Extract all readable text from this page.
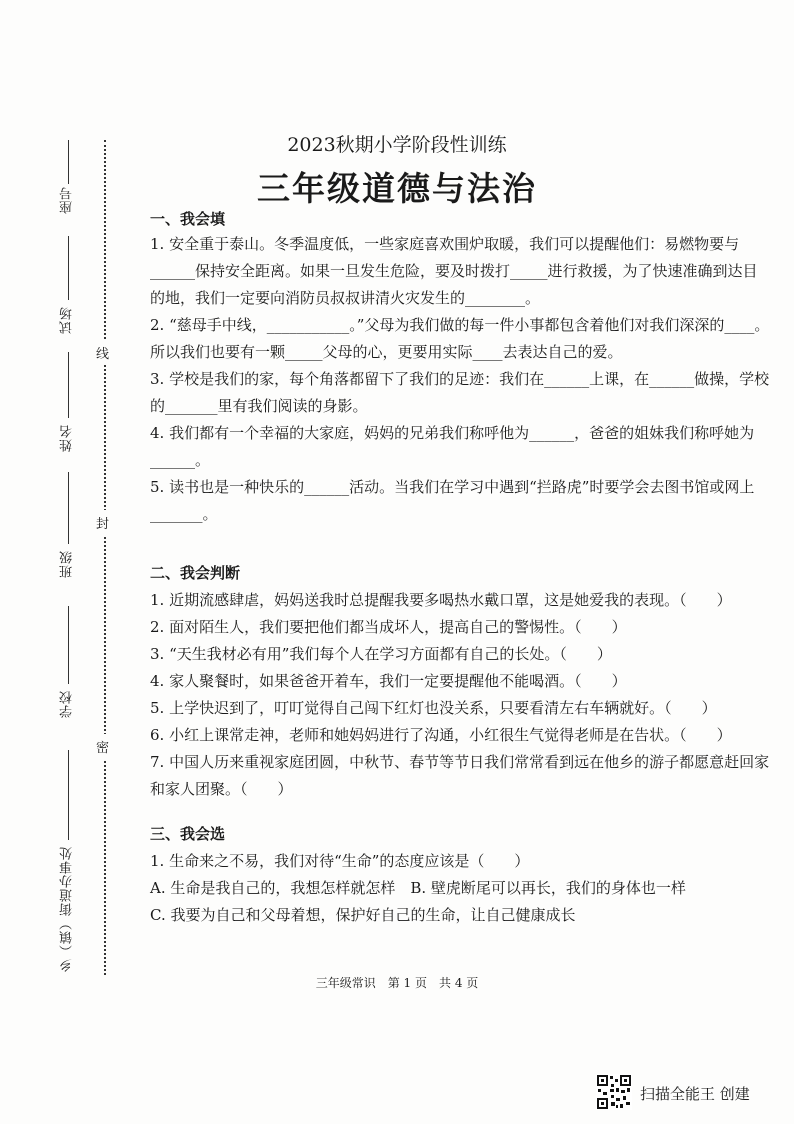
座号
试场
姓名
班级
学校
乡（镇）街道办事处
线
封
密
2023秋期小学阶段性训练
三年级道德与法治

一、我会填

1. 安全重于泰山。冬季温度低，一些家庭喜欢围炉取暖，我们可以提醒他们：易燃物要与______保持安全距离。如果一旦发生危险，要及时拨打_____进行救援，为了快速准确到达目的地，我们一定要向消防员叔叔讲清火灾发生的________。

2. “慈母手中线，___________。”父母为我们做的每一件小事都包含着他们对我们深深的____。所以我们也要有一颗_____父母的心，更要用实际____去表达自己的爱。

3. 学校是我们的家，每个角落都留下了我们的足迹：我们在______上课，在______做操，学校的_______里有我们阅读的身影。

4. 我们都有一个幸福的大家庭，妈妈的兄弟我们称呼他为______，爸爸的姐妹我们称呼她为______。

5. 读书也是一种快乐的______活动。当我们在学习中遇到“拦路虎”时要学会去图书馆或网上_______。

二、我会判断

1. 近期流感肆虐，妈妈送我时总提醒我要多喝热水戴口罩，这是她爱我的表现。（　　）

2. 面对陌生人，我们要把他们都当成坏人，提高自己的警惕性。（　　）

3. “天生我材必有用”我们每个人在学习方面都有自己的长处。（　　）

4. 家人聚餐时，如果爸爸开着车，我们一定要提醒他不能喝酒。（　　）

5. 上学快迟到了，叮叮觉得自己闯下红灯也没关系，只要看清左右车辆就好。（　　）

6. 小红上课常走神，老师和她妈妈进行了沟通，小红很生气觉得老师是在告状。（　　）

7. 中国人历来重视家庭团圆，中秋节、春节等节日我们常常看到远在他乡的游子都愿意赶回家和家人团聚。（　　）

三、我会选

1. 生命来之不易，我们对待“生命”的态度应该是（　　）

A. 生命是我自己的，我想怎样就怎样　B. 壁虎断尾可以再长，我们的身体也一样

C. 我要为自己和父母着想，保护好自己的生命，让自己健康成长

三年级常识　第 1 页　共 4 页
扫描全能王 创建
